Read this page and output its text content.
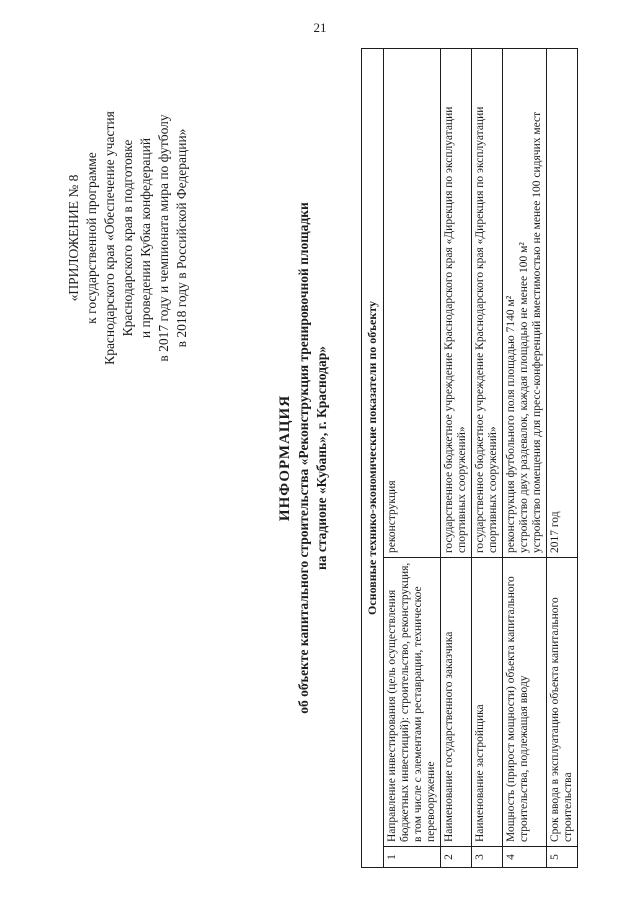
21
«ПРИЛОЖЕНИЕ № 8 к государственной программе Краснодарского края «Обеспечение участия Краснодарского края в подготовке и проведении Кубка конфедераций в 2017 году и чемпионата мира по футболу в 2018 году в Российской Федерации»
ИНФОРМАЦИЯ об объекте капитального строительства «Реконструкция тренировочной площадки на стадионе «Кубань», г. Краснодар»	Основные технико-экономические показатели по объекту		
1	Направление инвестирования (цель осуществления бюджетных инвестиций): строительство, реконструкция, в том числе с элементами реставрации, техническое перевооружение	реконструкция

2	Наименование государственного заказчика	государственное бюджетное учреждение Краснодарского края «Дирекция по эксплуатации спортивных сооружений»

3	Наименование застройщика	государственное бюджетное учреждение Краснодарского края «Дирекция по эксплуатации спортивных сооружений»

4	Мощность (прирост мощности) объекта капитального строительства, подлежащая вводу	реконструкция футбольного поля площадью 7140 м² устройство двух раздевалок, каждая площадью не менее 100 м² устройство помещения для пресс-конференций вместимостью не менее 100 сидячих мест

5	Срок ввода в эксплуатацию объекта капитального строительства	2017 год
